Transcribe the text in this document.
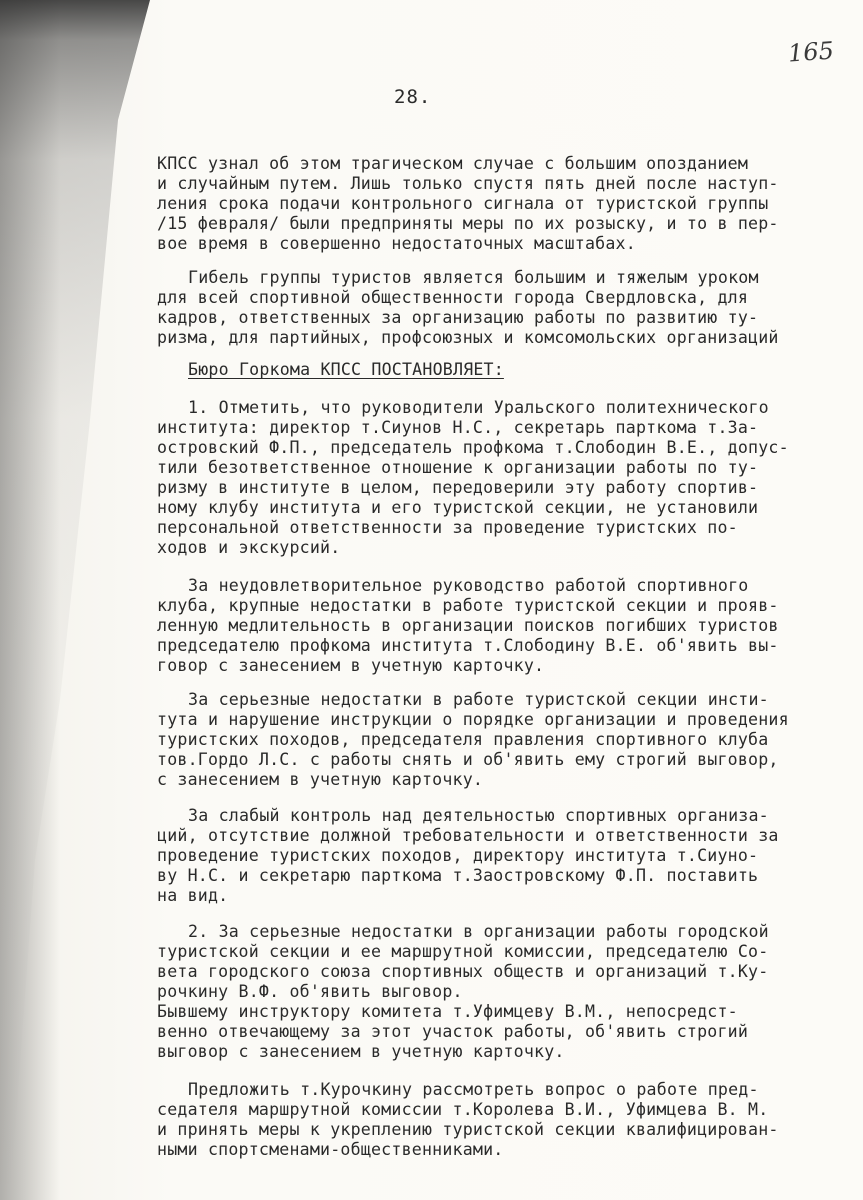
165
28.
КПСС узнал об этом трагическом случае с большим опозданием
и случайным путем. Лишь только спустя пять дней после наступ-
ления срока подачи контрольного сигнала от туристской группы
/15 февраля/ были предприняты меры по их розыску, и то в пер-
вое время в совершенно недостаточных масштабах.
Гибель группы туристов является большим и тяжелым уроком
для всей спортивной общественности города Свердловска, для
кадров, ответственных за организацию работы по развитию ту-
ризма, для партийных, профсоюзных и комсомольских организаций
Бюро Горкома КПСС ПОСТАНОВЛЯЕТ:
1. Отметить, что руководители Уральского политехнического
института: директор т.Сиунов Н.С., секретарь парткома т.За-
островский Ф.П., председатель профкома т.Слободин В.Е., допус-
тили безответственное отношение к организации работы по ту-
ризму в институте в целом, передоверили эту работу спортив-
ному клубу института и его туристской секции, не установили
персональной ответственности за проведение туристских по-
ходов и экскурсий.
За неудовлетворительное руководство работой спортивного
клуба, крупные недостатки в работе туристской секции и прояв-
ленную медлительность в организации поисков погибших туристов
председателю профкома института т.Слободину В.Е. об'явить вы-
говор с занесением в учетную карточку.
За серьезные недостатки в работе туристской секции инсти-
тута и нарушение инструкции о порядке организации и проведения
туристских походов, председателя правления спортивного клуба
тов.Гордо Л.С. с работы снять и об'явить ему строгий выговор,
с занесением в учетную карточку.
За слабый контроль над деятельностью спортивных организа-
ций, отсутствие должной требовательности и ответственности за
проведение туристских походов, директору института т.Сиуно-
ву Н.С. и секретарю парткома т.Заостровскому Ф.П. поставить
на вид.
2. За серьезные недостатки в организации работы городской
туристской секции и ее маршрутной комиссии, председателю Со-
вета городского союза спортивных обществ и организаций т.Ку-
рочкину В.Ф. об'явить выговор.
Бывшему инструктору комитета т.Уфимцеву В.М., непосредст-
венно отвечающему за этот участок работы, об'явить строгий
выговор с занесением в учетную карточку.
Предложить т.Курочкину рассмотреть вопрос о работе пред-
седателя маршрутной комиссии т.Королева В.И., Уфимцева В. М.
и принять меры к укреплению туристской секции квалифицирован-
ными спортсменами-общественниками.
